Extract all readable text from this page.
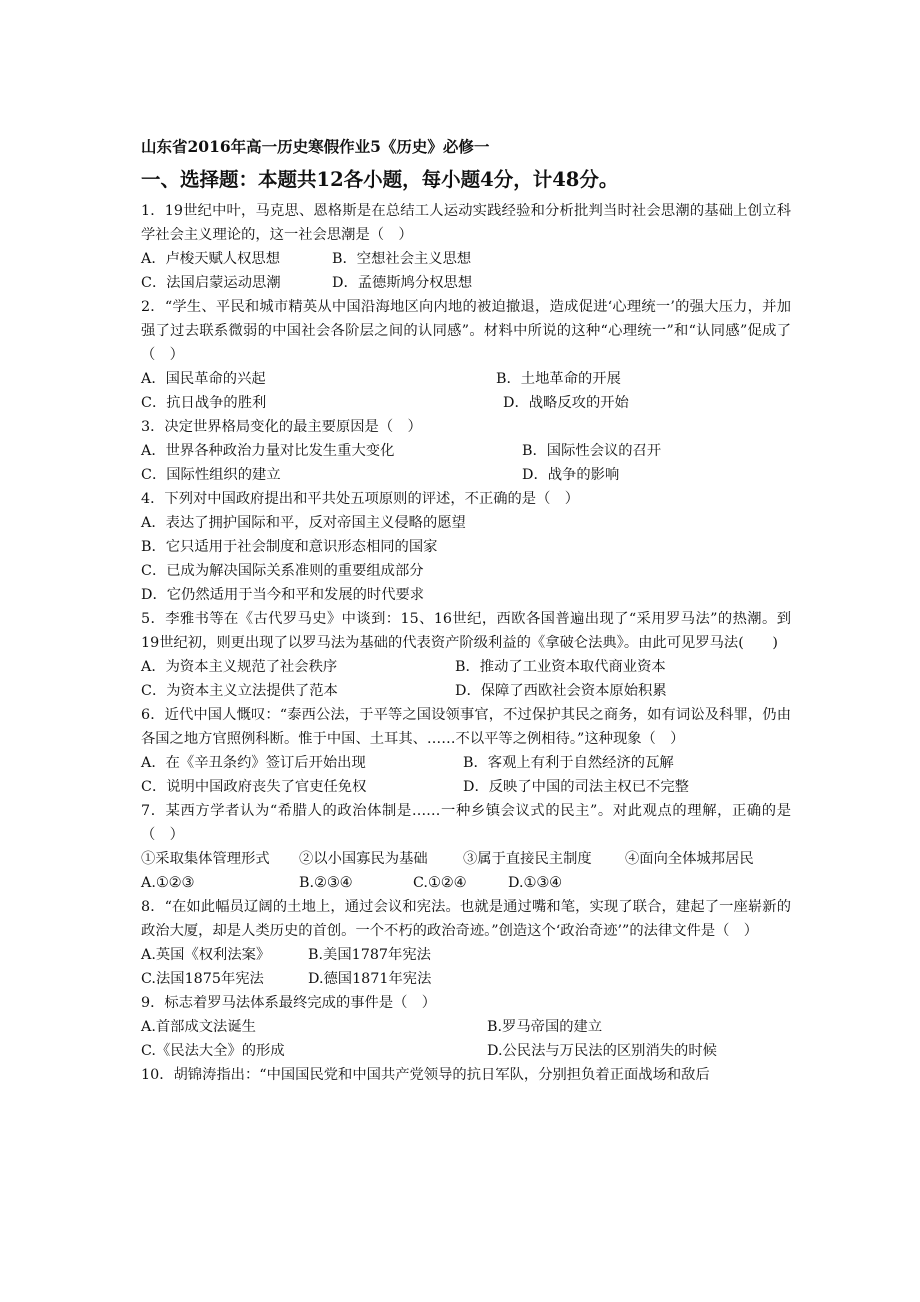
山东省2016年高一历史寒假作业5《历史》必修一
一、选择题：本题共12各小题，每小题4分，计48分。
1．19世纪中叶，马克思、恩格斯是在总结工人运动实践经验和分析批判当时社会思潮的基础上创立科学社会主义理论的，这一社会思潮是（　）
A．卢梭天赋人权思想	B．空想社会主义思想
C．法国启蒙运动思潮	D．孟德斯鸠分权思想
2．“学生、平民和城市精英从中国沿海地区向内地的被迫撤退，造成促进‘心理统一’的强大压力，并加强了过去联系微弱的中国社会各阶层之间的认同感”。材料中所说的这种“心理统一”和“认同感”促成了（　）
A．国民革命的兴起	B．土地革命的开展
C．抗日战争的胜利	D．战略反攻的开始
3．决定世界格局变化的最主要原因是（　）
A．世界各种政治力量对比发生重大变化	B．国际性会议的召开
C．国际性组织的建立	D．战争的影响
4．下列对中国政府提出和平共处五项原则的评述，不正确的是（　）
A．表达了拥护国际和平，反对帝国主义侵略的愿望
B．它只适用于社会制度和意识形态相同的国家
C．已成为解决国际关系准则的重要组成部分
D．它仍然适用于当今和平和发展的时代要求
5．李雅书等在《古代罗马史》中谈到：15、16世纪，西欧各国普遍出现了“采用罗马法”的热潮。到19世纪初，则更出现了以罗马法为基础的代表资产阶级利益的《拿破仑法典》。由此可见罗马法(　　)
A．为资本主义规范了社会秩序	B．推动了工业资本取代商业资本
C．为资本主义立法提供了范本	D．保障了西欧社会资本原始积累
6．近代中国人慨叹：“泰西公法，于平等之国设领事官，不过保护其民之商务，如有词讼及科罪，仍由各国之地方官照例科断。惟于中国、土耳其、……不以平等之例相待。”这种现象（　）
A．在《辛丑条约》签订后开始出现	B．客观上有利于自然经济的瓦解
C．说明中国政府丧失了官吏任免权	D．反映了中国的司法主权已不完整
7．某西方学者认为“希腊人的政治体制是……一种乡镇会议式的民主”。对此观点的理解，正确的是（　）
①采取集体管理形式	②以小国寡民为基础	③属于直接民主制度	④面向全体城邦居民
A.①②③	B.②③④	C.①②④	D.①③④
8．“在如此幅员辽阔的土地上，通过会议和宪法。也就是通过嘴和笔，实现了联合，建起了一座崭新的政治大厦，却是人类历史的首创。一个不朽的政治奇迹。”创造这个‘政治奇迹’”的法律文件是（　）
A.英国《权利法案》	B.美国1787年宪法
C.法国1875年宪法	D.德国1871年宪法
9．标志着罗马法体系最终完成的事件是（　）
A.首部成文法诞生	B.罗马帝国的建立
C.《民法大全》的形成	D.公民法与万民法的区别消失的时候
10．胡锦涛指出：“中国国民党和中国共产党领导的抗日军队，分别担负着正面战场和敌后
